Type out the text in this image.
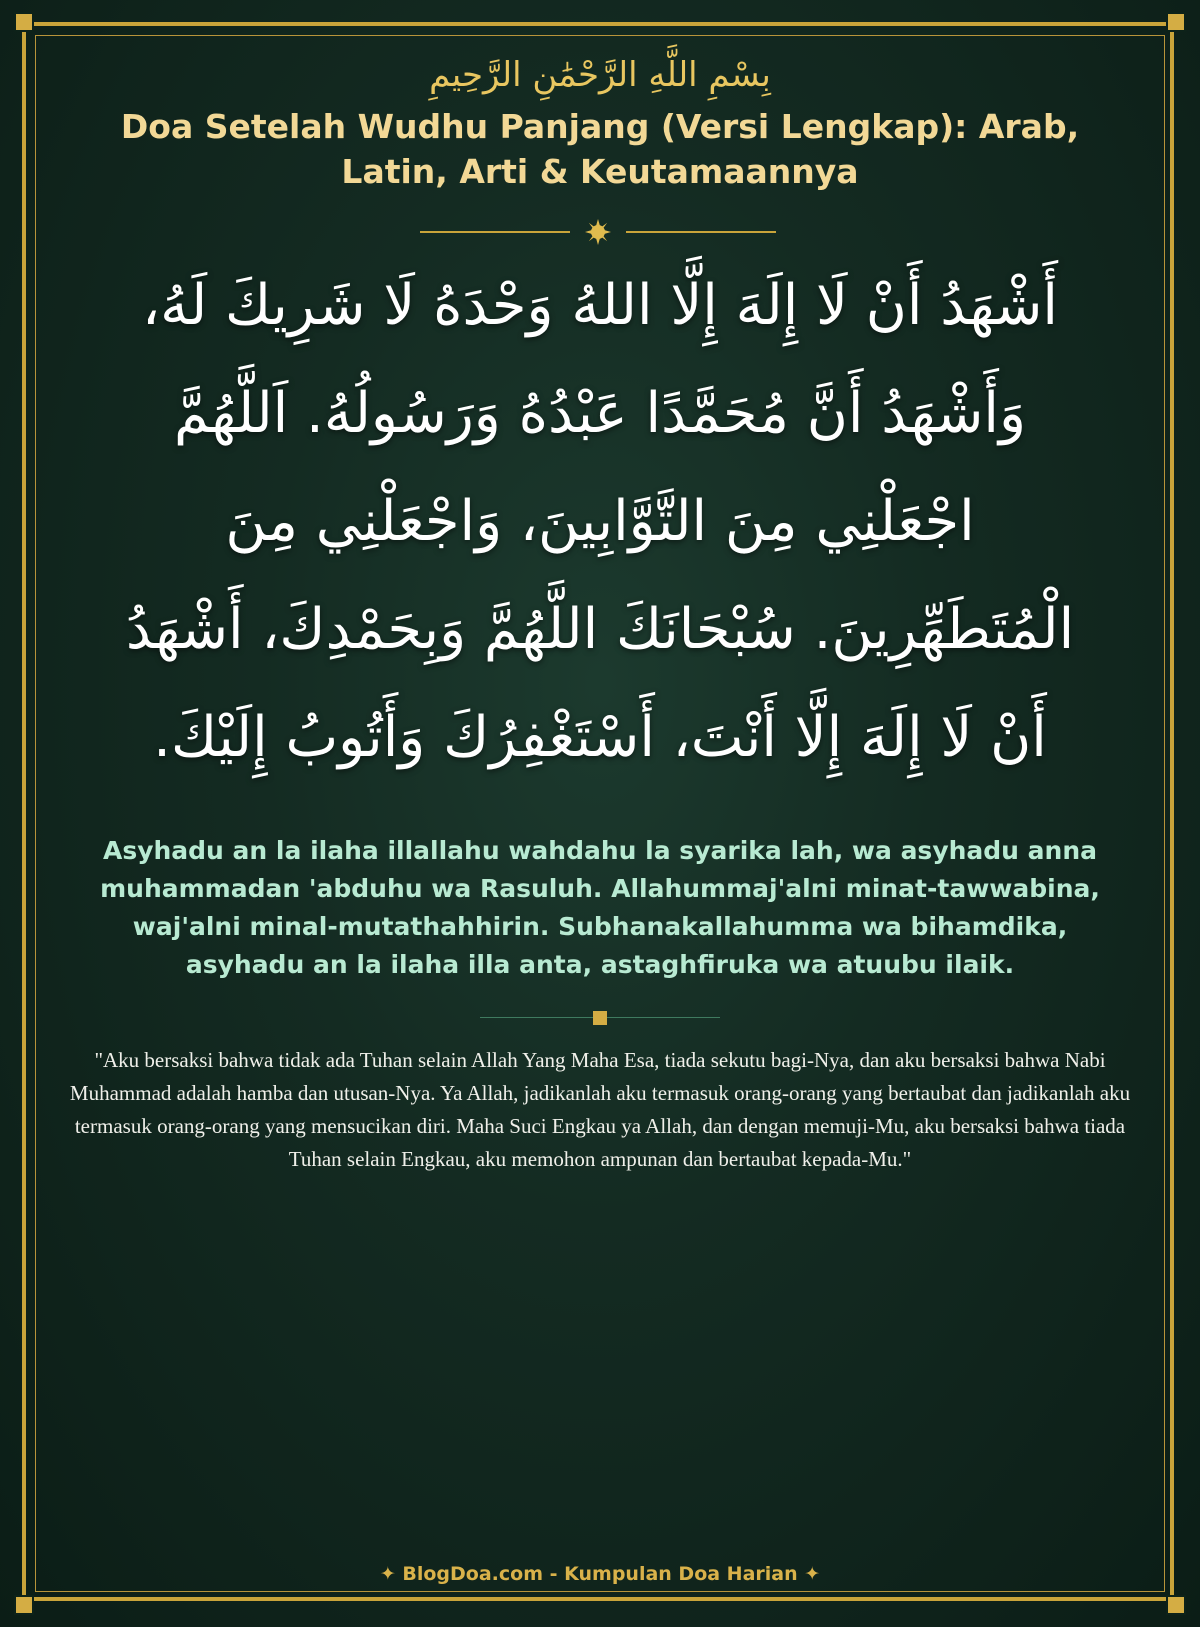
بِسْمِ اللَّهِ الرَّحْمَٰنِ الرَّحِيمِ

Doa Setelah Wudhu Panjang (Versi Lengkap): Arab, Latin, Arti & Keutamaannya
أَشْهَدُ أَنْ لَا إِلَهَ إِلَّا اللهُ وَحْدَهُ لَا شَرِيكَ لَهُ، وَأَشْهَدُ أَنَّ مُحَمَّدًا عَبْدُهُ وَرَسُولُهُ. اَللَّهُمَّ اجْعَلْنِي مِنَ التَّوَّابِينَ، وَاجْعَلْنِي مِنَ الْمُتَطَهِّرِينَ. سُبْحَانَكَ اللَّهُمَّ وَبِحَمْدِكَ، أَشْهَدُ أَنْ لَا إِلَهَ إِلَّا أَنْتَ، أَسْتَغْفِرُكَ وَأَتُوبُ إِلَيْكَ.
Asyhadu an la ilaha illallahu wahdahu la syarika lah, wa asyhadu anna muhammadan 'abduhu wa Rasuluh. Allahummaj'alni minat-tawwabina, waj'alni minal-mutathahhirin. Subhanakallahumma wa bihamdika, asyhadu an la ilaha illa anta, astaghfiruka wa atuubu ilaik.
"Aku bersaksi bahwa tidak ada Tuhan selain Allah Yang Maha Esa, tiada sekutu bagi-Nya, dan aku bersaksi bahwa Nabi Muhammad adalah hamba dan utusan-Nya. Ya Allah, jadikanlah aku termasuk orang-orang yang bertaubat dan jadikanlah aku termasuk orang-orang yang mensucikan diri. Maha Suci Engkau ya Allah, dan dengan memuji-Mu, aku bersaksi bahwa tiada Tuhan selain Engkau, aku memohon ampunan dan bertaubat kepada-Mu."
✦ BlogDoa.com - Kumpulan Doa Harian ✦
